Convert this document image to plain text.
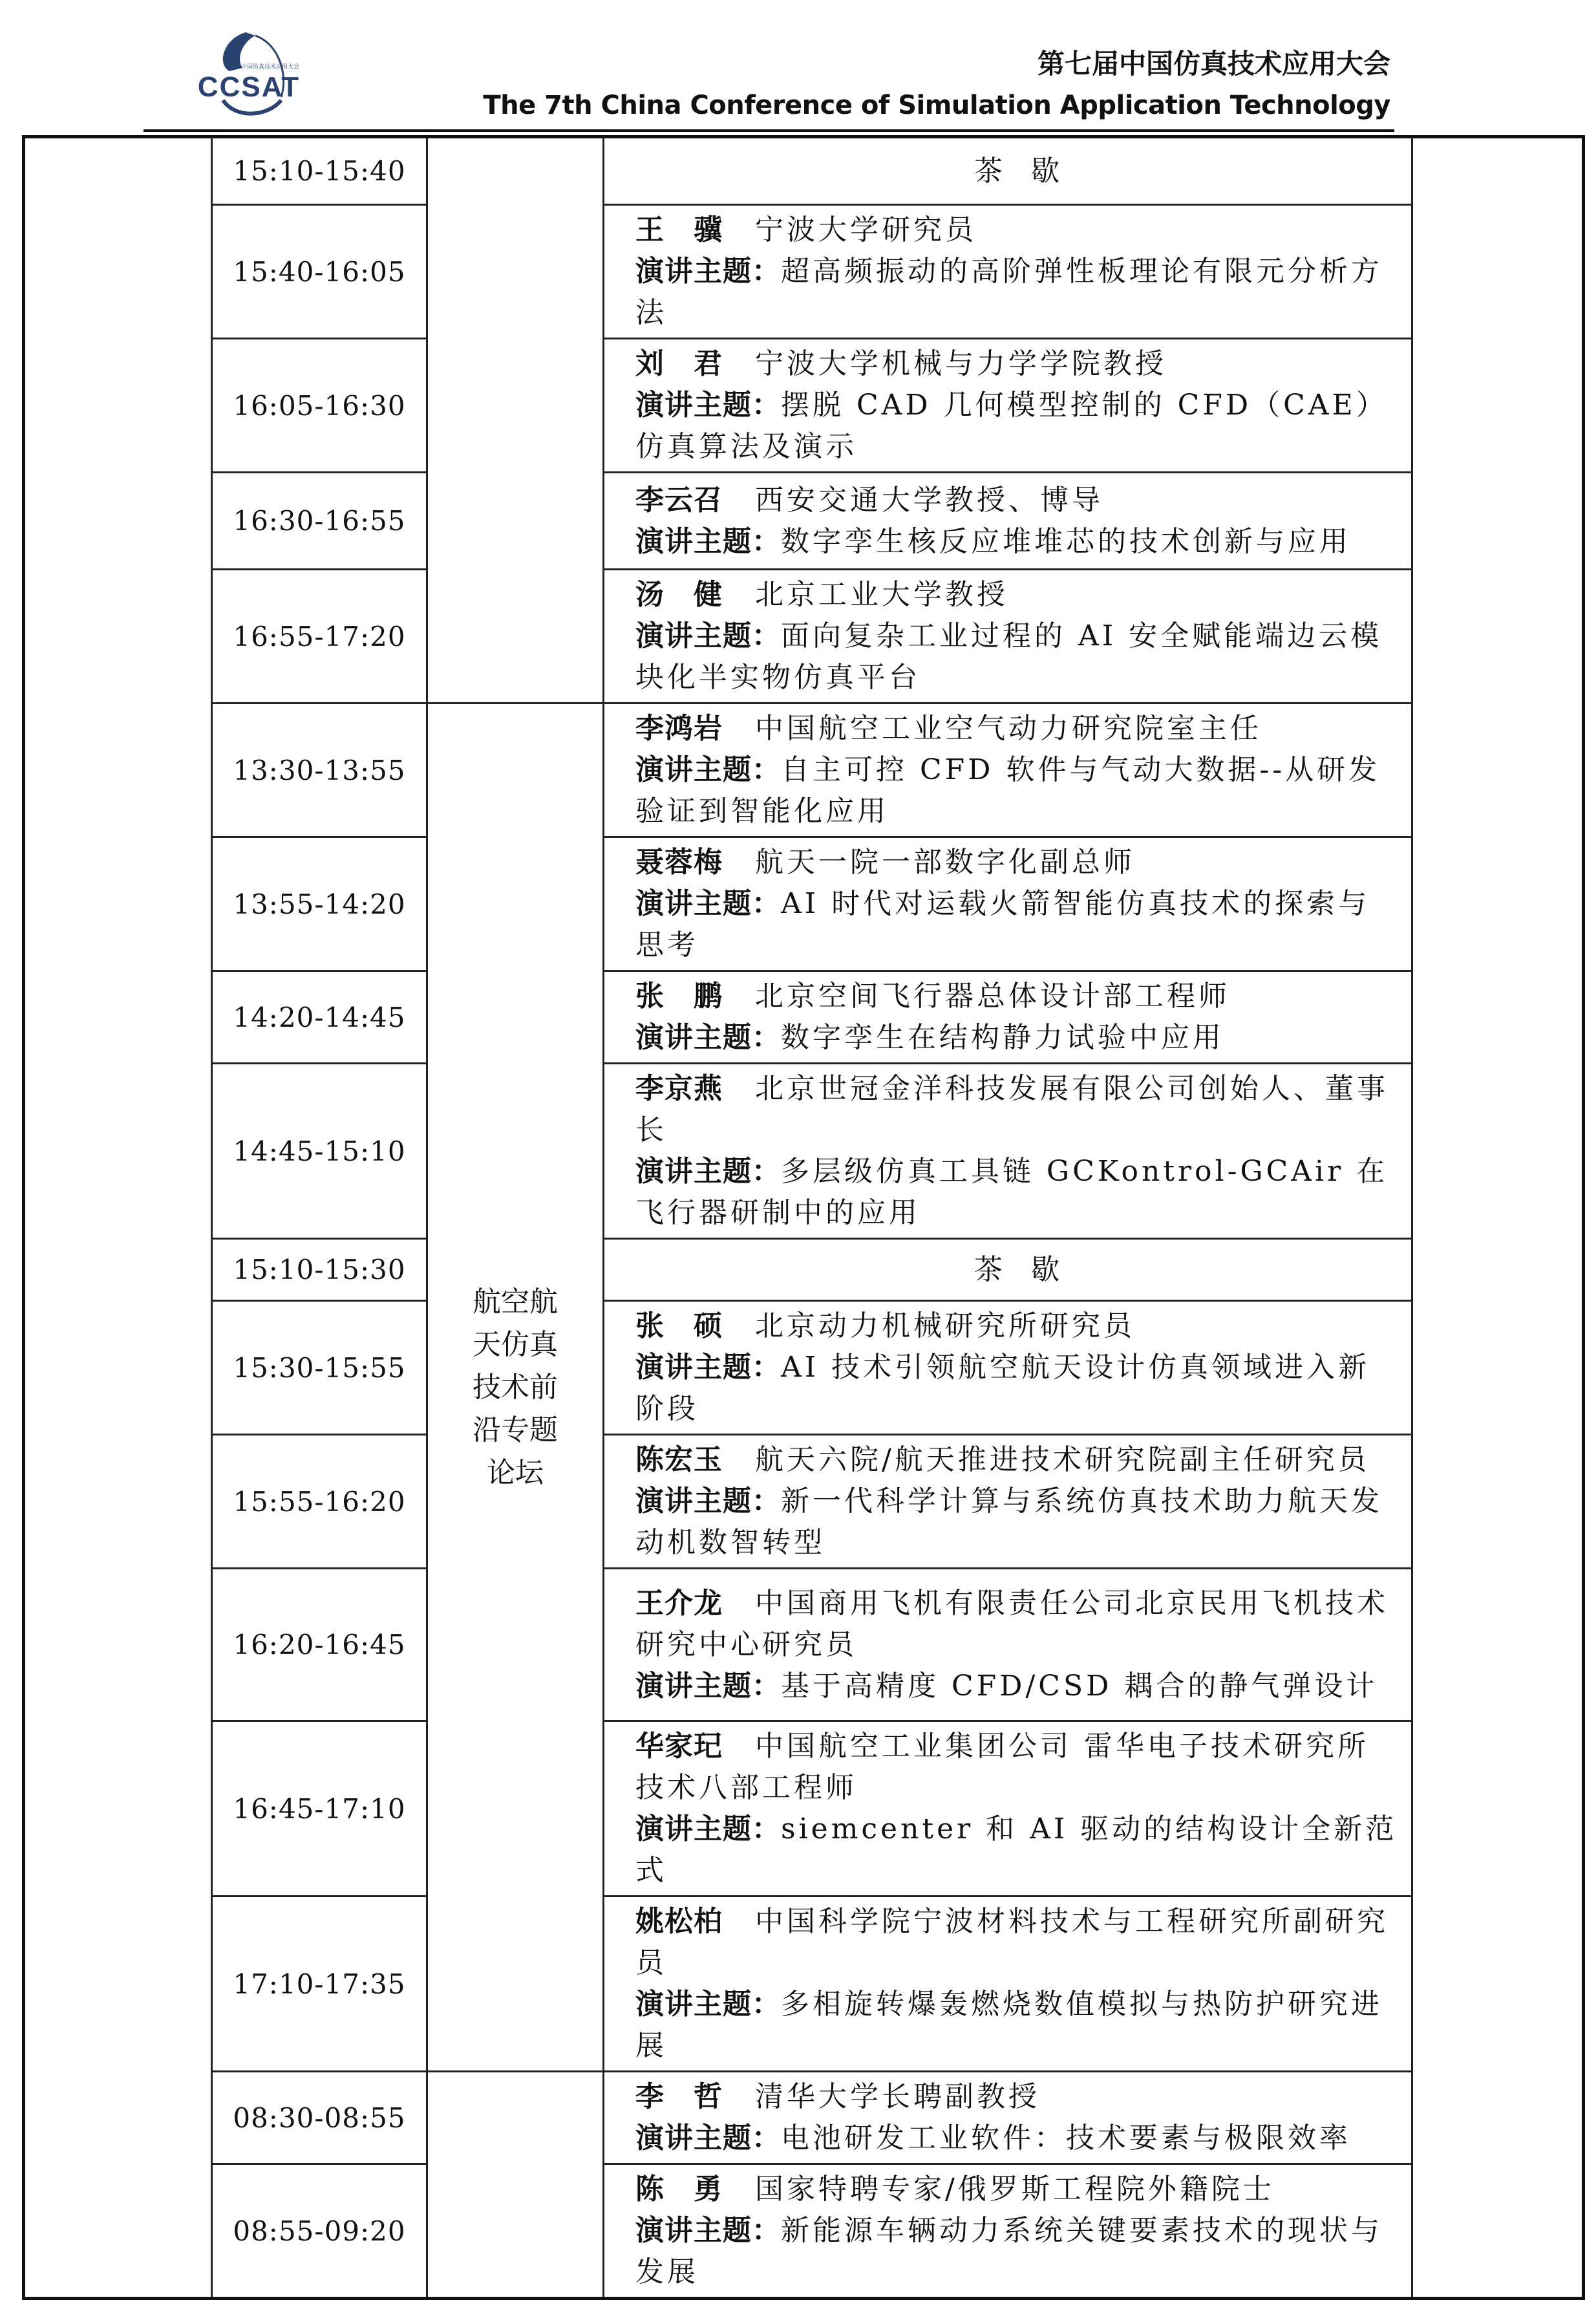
中国仿真技术应用大会
CCSAT
第七届中国仿真技术应用大会
The 7th China Conference of Simulation Application Technology
	15:10-15:40		茶　歇	
	15:40-16:05		王　骥 宁波大学研究员
演讲主题：超高频振动的高阶弹性板理论有限元分析方法	
	16:05-16:30		刘　君 宁波大学机械与力学学院教授
演讲主题：摆脱 CAD 几何模型控制的 CFD（CAE）仿真算法及演示	
	16:30-16:55		李云召 西安交通大学教授、博导
演讲主题：数字孪生核反应堆堆芯的技术创新与应用	
	16:55-17:20		汤　健 北京工业大学教授
演讲主题：面向复杂工业过程的 AI 安全赋能端边云模块化半实物仿真平台	
	13:30-13:55	航空航天仿真技术前沿专题论坛	李鸿岩 中国航空工业空气动力研究院室主任
演讲主题：自主可控 CFD 软件与气动大数据--从研发验证到智能化应用	
	13:55-14:20		聂蓉梅 航天一院一部数字化副总师
演讲主题：AI 时代对运载火箭智能仿真技术的探索与思考	
	14:20-14:45		张　鹏 北京空间飞行器总体设计部工程师
演讲主题：数字孪生在结构静力试验中应用	
	14:45-15:10		李京燕 北京世冠金洋科技发展有限公司创始人、董事长
演讲主题：多层级仿真工具链 GCKontrol-GCAir 在飞行器研制中的应用	
	15:10-15:30		茶　歇	
	15:30-15:55		张　硕 北京动力机械研究所研究员
演讲主题：AI 技术引领航空航天设计仿真领域进入新阶段	
	15:55-16:20		陈宏玉 航天六院/航天推进技术研究院副主任研究员
演讲主题：新一代科学计算与系统仿真技术助力航天发动机数智转型	
	16:20-16:45		王介龙 中国商用飞机有限责任公司北京民用飞机技术研究中心研究员
演讲主题：基于高精度 CFD/CSD 耦合的静气弹设计	
	16:45-17:10		华家玘 中国航空工业集团公司 雷华电子技术研究所技术八部工程师
演讲主题：siemcenter 和 AI 驱动的结构设计全新范式	
	17:10-17:35		姚松柏 中国科学院宁波材料技术与工程研究所副研究员
演讲主题：多相旋转爆轰燃烧数值模拟与热防护研究进展	
	08:30-08:55		李　哲 清华大学长聘副教授
演讲主题：电池研发工业软件：技术要素与极限效率	
	08:55-09:20		陈　勇 国家特聘专家/俄罗斯工程院外籍院士
演讲主题：新能源车辆动力系统关键要素技术的现状与发展	
